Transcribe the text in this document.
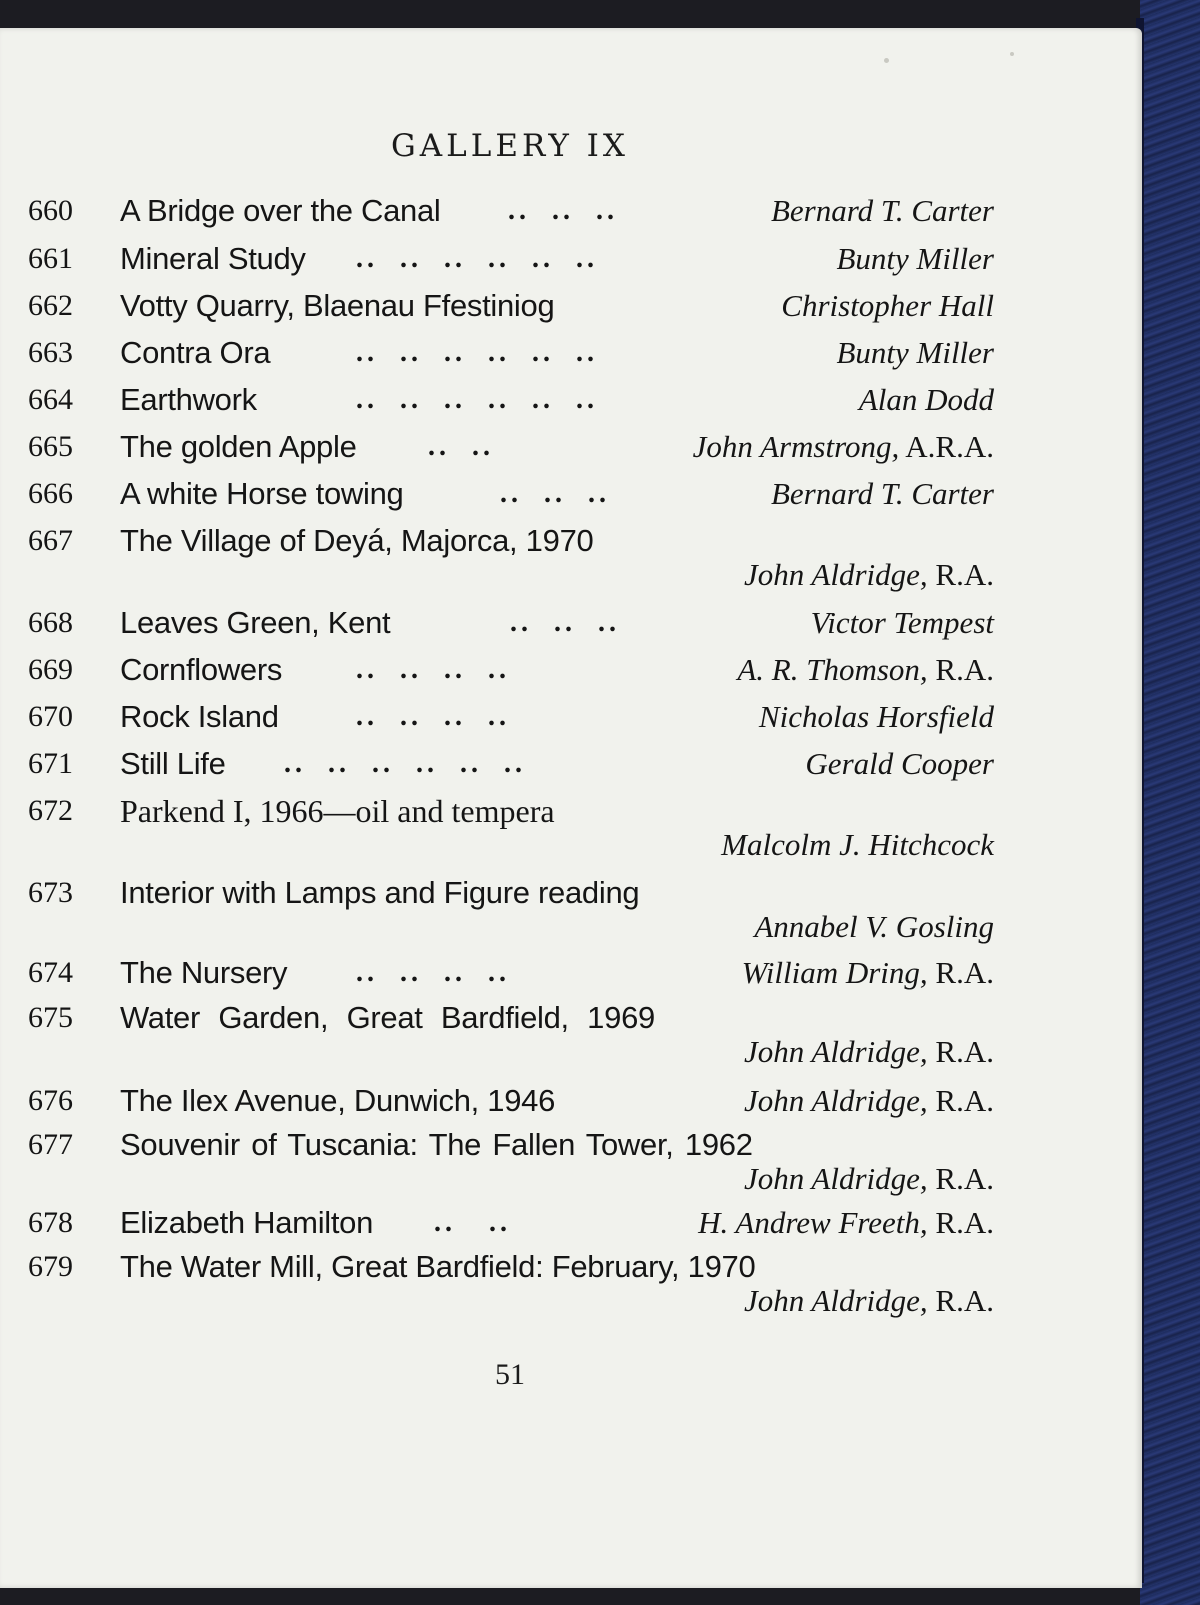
GALLERY IX
660 A Bridge over the Canal ..  ..  ..	Bernard T. Carter
661 Mineral Study ..  ..  ..  ..  ..  ..	Bunty Miller
662 Votty Quarry, Blaenau Ffestiniog	Christopher Hall
663 Contra Ora	..  ..  ..  ..  ..  ..	Bunty Miller
664 Earthwork	..  ..  ..  ..  ..  ..	Alan Dodd
665 The golden Apple	..  ..	John Armstrong, A.R.A.
666 A white Horse towing	..  ..  ..	Bernard T. Carter
667 The Village of Deyá, Majorca, 1970
John Aldridge, R.A.
668 Leaves Green, Kent	..  ..  ..	Victor Tempest
669 Cornflowers	..  ..  ..  ..	A. R. Thomson, R.A.
670 Rock Island	..  ..  ..  ..	Nicholas Horsfield
671 Still Life ..  ..  ..  ..  ..  ..	Gerald Cooper
672 Parkend I, 1966—oil and tempera
Malcolm J. Hitchcock
673 Interior with Lamps and Figure reading
Annabel V. Gosling
674 The Nursery ..  ..  ..  ..	William Dring, R.A.
675 Water Garden, Great Bardfield, 1969
John Aldridge, R.A.
676 The Ilex Avenue, Dunwich, 1946	John Aldridge, R.A.
677 Souvenir of Tuscania: The Fallen Tower, 1962
John Aldridge, R.A.
678 Elizabeth Hamilton ..   ..	H. Andrew Freeth, R.A.
679 The Water Mill, Great Bardfield: February, 1970
John Aldridge, R.A.
51
